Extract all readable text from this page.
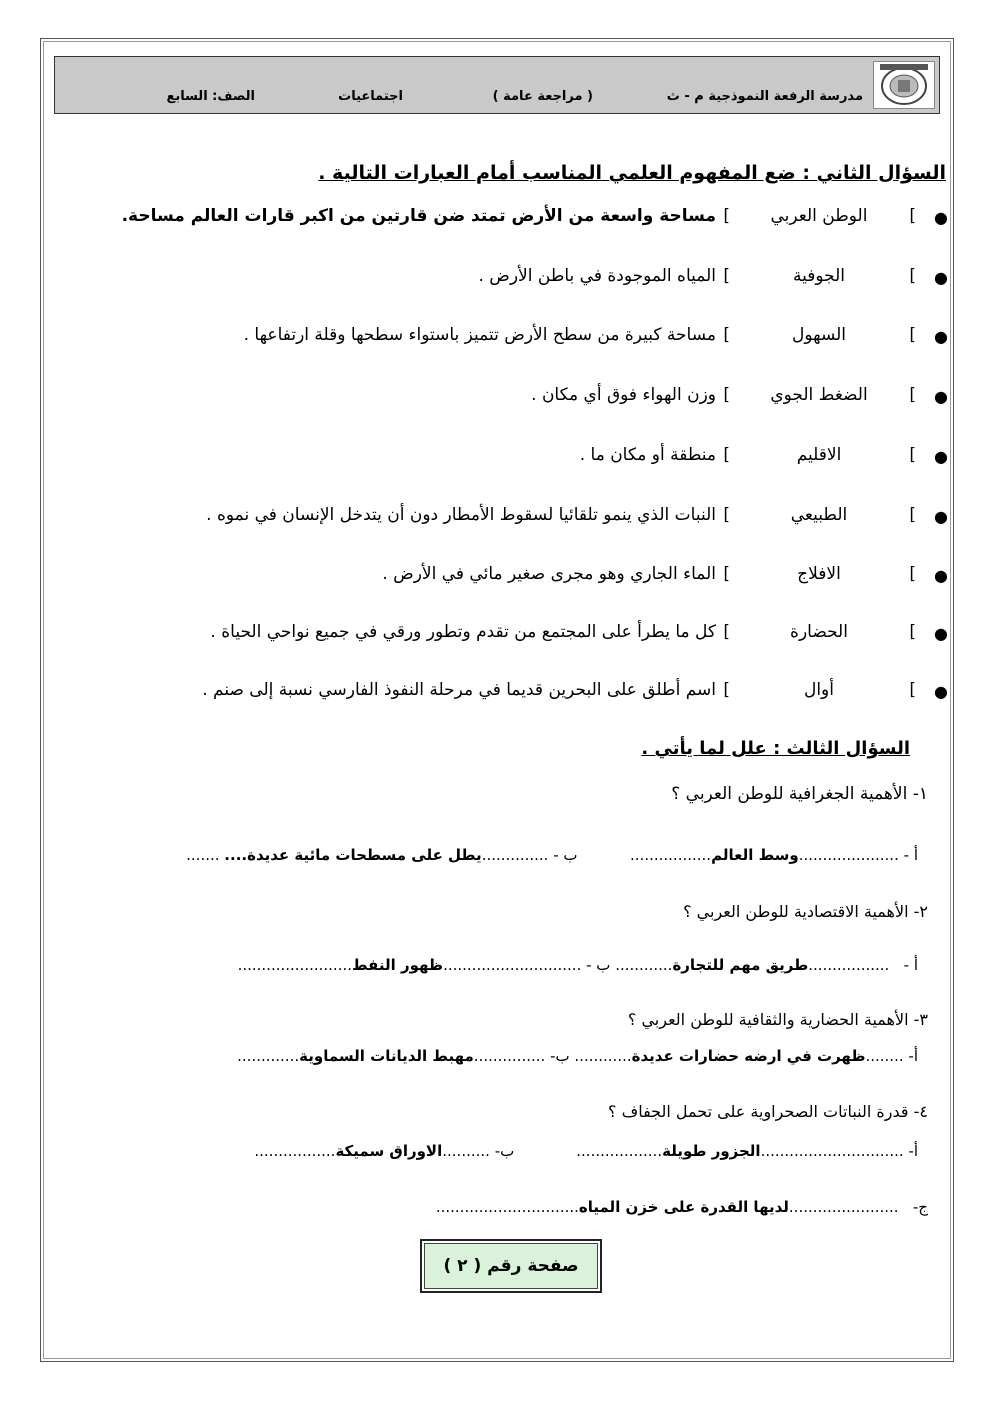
مدرسة الرفعة النموذجية م - ث
( مراجعة عامة )
اجتماعيات
الصف: السابع
السؤال الثاني : ضع المفهوم العلمي المناسب أمام العبارات التالية .
●
]
الوطن العربي
]
مساحة واسعة من الأرض تمتد ضن قارتين من اكبر قارات العالم مساحة.
●
]
الجوفية
]
المياه الموجودة في باطن الأرض .
●
]
السهول
]
مساحة كبيرة من سطح الأرض تتميز باستواء سطحها وقلة ارتفاعها .
●
]
الضغط الجوي
]
وزن الهواء فوق أي مكان .
●
]
الاقليم
]
منطقة أو مكان ما .
●
]
الطبيعي
]
النبات الذي ينمو تلقائيا لسقوط الأمطار دون أن يتدخل الإنسان في نموه .
●
]
الافلاج
]
الماء الجاري وهو مجرى صغير مائي في الأرض .
●
]
الحضارة
]
كل ما يطرأ على المجتمع من تقدم وتطور ورقي في جميع نواحي الحياة .
●
]
أوال
]
اسم أطلق على البحرين قديما في مرحلة النفوذ الفارسي نسبة إلى صنم .
السؤال الثالث : علل لما يأتي .
١- الأهمية الجغرافية للوطن العربي ؟
أ - .....................وسط العالم.................           ب - ..............يطل على مسطحات مائية عديدة.... .......
٢- الأهمية الاقتصادية للوطن العربي ؟
أ -   .................طريق مهم للتجارة............ ب - .............................ظهور النفط........................
٣- الأهمية الحضارية والثقافية للوطن العربي ؟
أ- ........ظهرت في ارضه حضارات عديدة............ ب- ...............مهبط الديانات السماوية.............
٤- قدرة النباتات الصحراوية على تحمل الجفاف ؟
أ- ..............................الجزور طويلة..................             ب- ..........الاوراق سميكة.................
ج-   .......................لديها القدرة على خزن المياه..............................
صفحة رقم ( ٢ )
